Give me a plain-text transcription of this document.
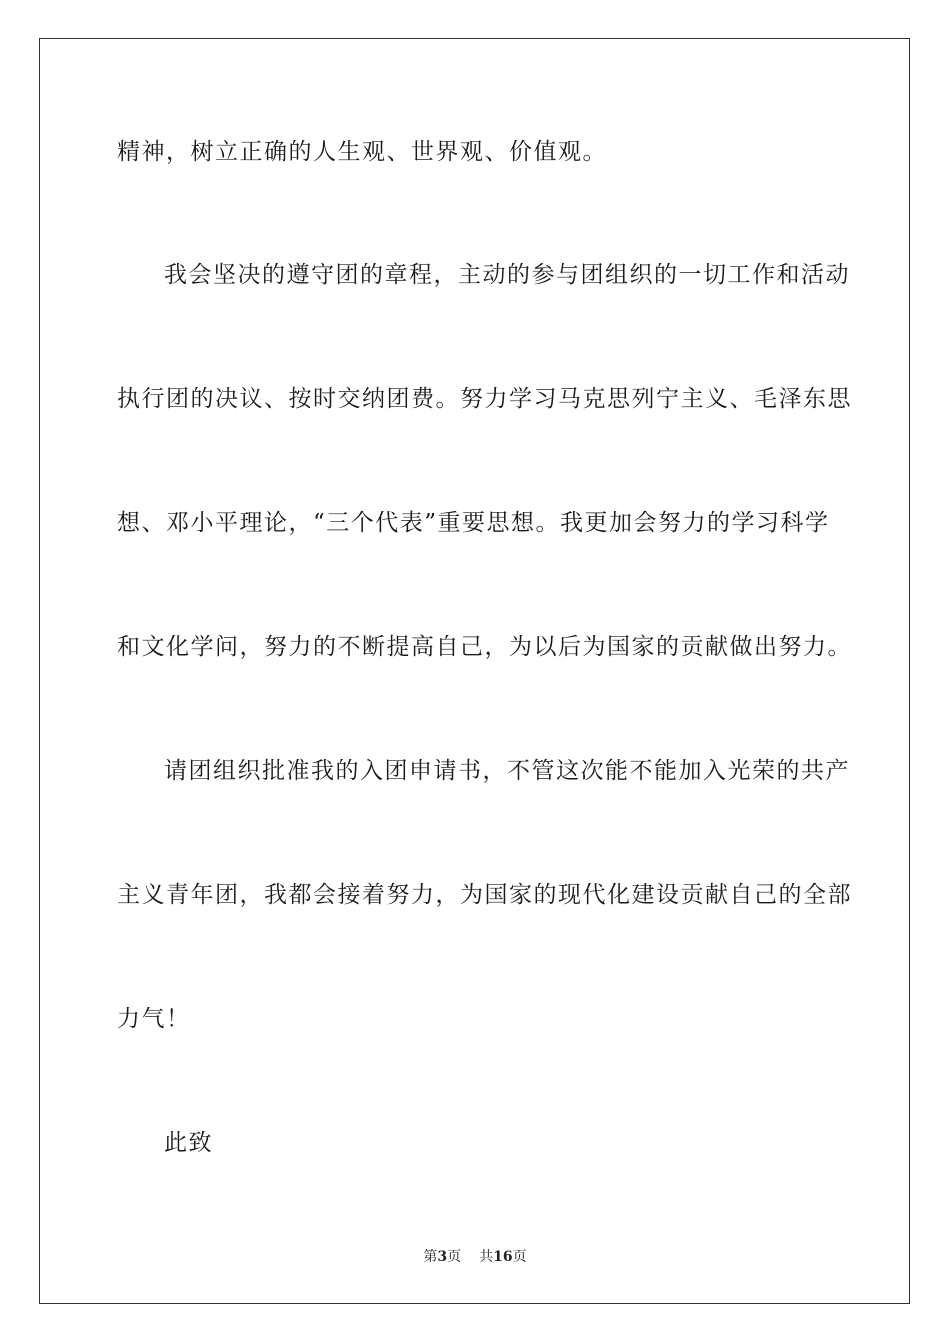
精神，树立正确的人生观、世界观、价值观。
我会坚决的遵守团的章程，主动的参与团组织的一切工作和活动
执行团的决议、按时交纳团费。努力学习马克思列宁主义、毛泽东思
想、邓小平理论，“三个代表”重要思想。我更加会努力的学习科学
和文化学问，努力的不断提高自己，为以后为国家的贡献做出努力。
请团组织批准我的入团申请书，不管这次能不能加入光荣的共产
主义青年团，我都会接着努力，为国家的现代化建设贡献自己的全部
力气！
此致
第3页 共16页
